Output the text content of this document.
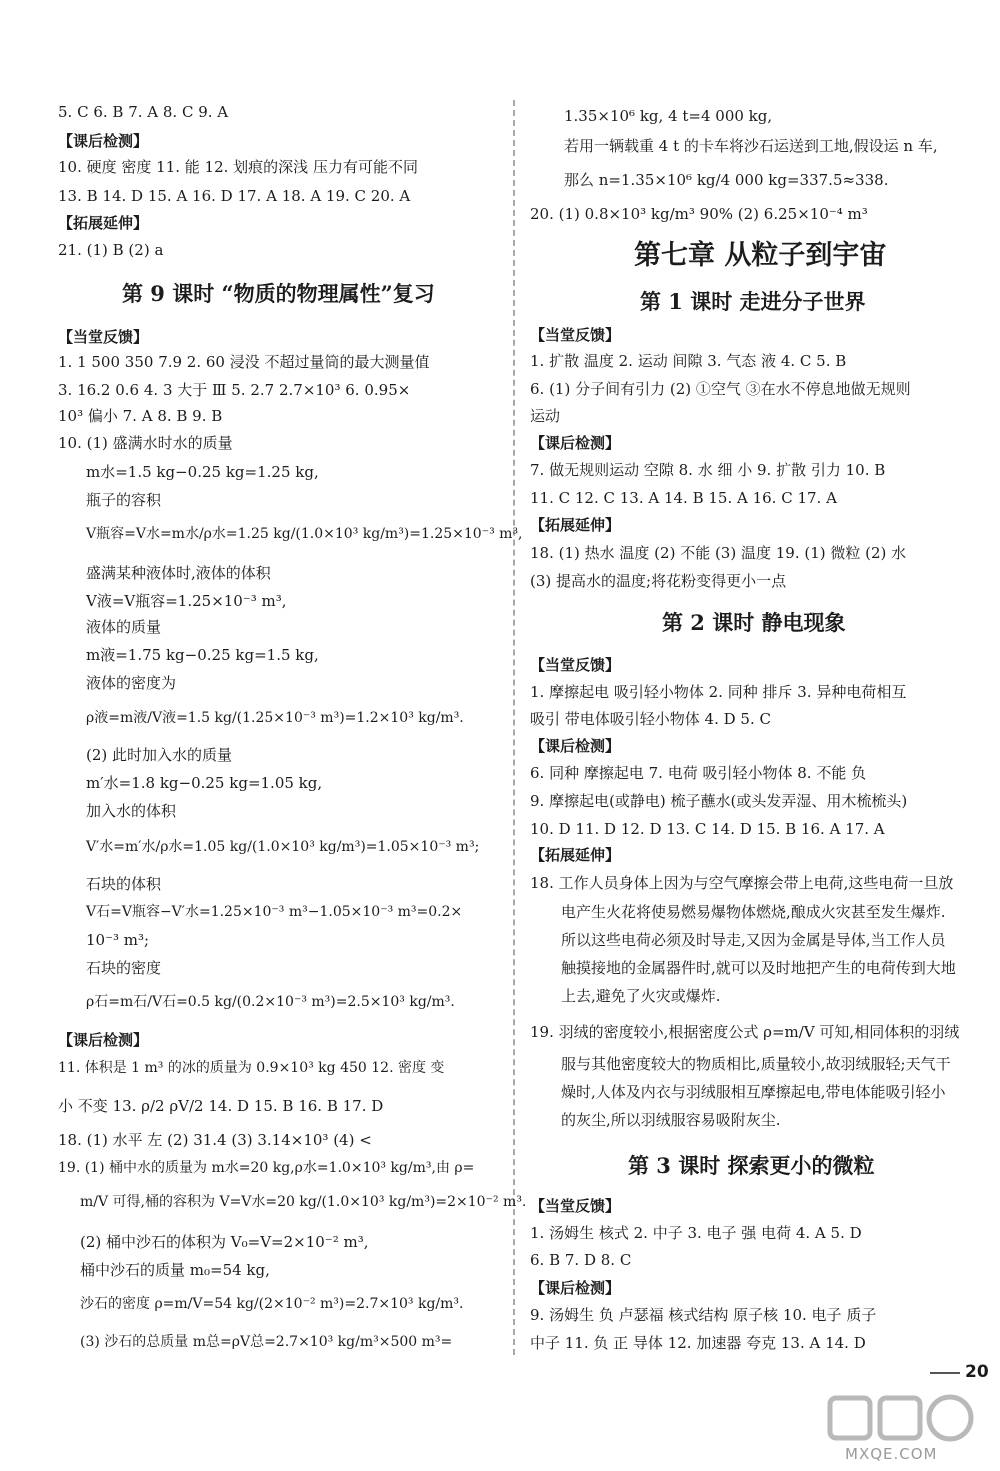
5. C 6. B 7. A 8. C 9. A
【课后检测】
10. 硬度 密度 11. 能 12. 划痕的深浅 压力有可能不同
13. B 14. D 15. A 16. D 17. A 18. A 19. C 20. A
【拓展延伸】
21. (1) B (2) a
第 9 课时 “物质的物理属性”复习
【当堂反馈】
1. 1 500 350 7.9 2. 60 浸没 不超过量筒的最大测量值
3. 16.2 0.6 4. 3 大于 Ⅲ 5. 2.7 2.7×10³ 6. 0.95×
10³ 偏小 7. A 8. B 9. B
10. (1) 盛满水时水的质量
m水=1.5 kg−0.25 kg=1.25 kg,
瓶子的容积
V瓶容=V水=m水/ρ水=1.25 kg/(1.0×10³ kg/m³)=1.25×10⁻³ m³,
盛满某种液体时,液体的体积
V液=V瓶容=1.25×10⁻³ m³,
液体的质量
m液=1.75 kg−0.25 kg=1.5 kg,
液体的密度为
ρ液=m液/V液=1.5 kg/(1.25×10⁻³ m³)=1.2×10³ kg/m³.
(2) 此时加入水的质量
m′水=1.8 kg−0.25 kg=1.05 kg,
加入水的体积
V′水=m′水/ρ水=1.05 kg/(1.0×10³ kg/m³)=1.05×10⁻³ m³;
石块的体积
V石=V瓶容−V′水=1.25×10⁻³ m³−1.05×10⁻³ m³=0.2×
10⁻³ m³;
石块的密度
ρ石=m石/V石=0.5 kg/(0.2×10⁻³ m³)=2.5×10³ kg/m³.
【课后检测】
11. 体积是 1 m³ 的冰的质量为 0.9×10³ kg 450 12. 密度 变
小 不变 13. ρ/2 ρV/2 14. D 15. B 16. B 17. D
18. (1) 水平 左 (2) 31.4 (3) 3.14×10³ (4) <
19. (1) 桶中水的质量为 m水=20 kg,ρ水=1.0×10³ kg/m³,由 ρ=
m/V 可得,桶的容积为 V=V水=20 kg/(1.0×10³ kg/m³)=2×10⁻² m³.
(2) 桶中沙石的体积为 V₀=V=2×10⁻² m³,
桶中沙石的质量 m₀=54 kg,
沙石的密度 ρ=m/V=54 kg/(2×10⁻² m³)=2.7×10³ kg/m³.
(3) 沙石的总质量 m总=ρV总=2.7×10³ kg/m³×500 m³=
1.35×10⁶ kg, 4 t=4 000 kg,
若用一辆载重 4 t 的卡车将沙石运送到工地,假设运 n 车,
那么 n=1.35×10⁶ kg/4 000 kg=337.5≈338.
20. (1) 0.8×10³ kg/m³ 90% (2) 6.25×10⁻⁴ m³
第七章 从粒子到宇宙
第 1 课时 走进分子世界
【当堂反馈】
1. 扩散 温度 2. 运动 间隙 3. 气态 液 4. C 5. B
6. (1) 分子间有引力 (2) ①空气 ③在水不停息地做无规则
运动
【课后检测】
7. 做无规则运动 空隙 8. 水 细 小 9. 扩散 引力 10. B
11. C 12. C 13. A 14. B 15. A 16. C 17. A
【拓展延伸】
18. (1) 热水 温度 (2) 不能 (3) 温度 19. (1) 微粒 (2) 水
(3) 提高水的温度;将花粉变得更小一点
第 2 课时 静电现象
【当堂反馈】
1. 摩擦起电 吸引轻小物体 2. 同种 排斥 3. 异种电荷相互
吸引 带电体吸引轻小物体 4. D 5. C
【课后检测】
6. 同种 摩擦起电 7. 电荷 吸引轻小物体 8. 不能 负
9. 摩擦起电(或静电) 梳子蘸水(或头发弄湿、用木梳梳头)
10. D 11. D 12. D 13. C 14. D 15. B 16. A 17. A
【拓展延伸】
18. 工作人员身体上因为与空气摩擦会带上电荷,这些电荷一旦放
电产生火花将使易燃易爆物体燃烧,酿成火灾甚至发生爆炸.
所以这些电荷必须及时导走,又因为金属是导体,当工作人员
触摸接地的金属器件时,就可以及时地把产生的电荷传到大地
上去,避免了火灾或爆炸.
19. 羽绒的密度较小,根据密度公式 ρ=m/V 可知,相同体积的羽绒
服与其他密度较大的物质相比,质量较小,故羽绒服轻;天气干
燥时,人体及内衣与羽绒服相互摩擦起电,带电体能吸引轻小
的灰尘,所以羽绒服容易吸附灰尘.
第 3 课时 探索更小的微粒
【当堂反馈】
1. 汤姆生 核式 2. 中子 3. 电子 强 电荷 4. A 5. D
6. B 7. D 8. C
【课后检测】
9. 汤姆生 负 卢瑟福 核式结构 原子核 10. 电子 质子
中子 11. 负 正 导体 12. 加速器 夸克 13. A 14. D
20
MXQE.COM
